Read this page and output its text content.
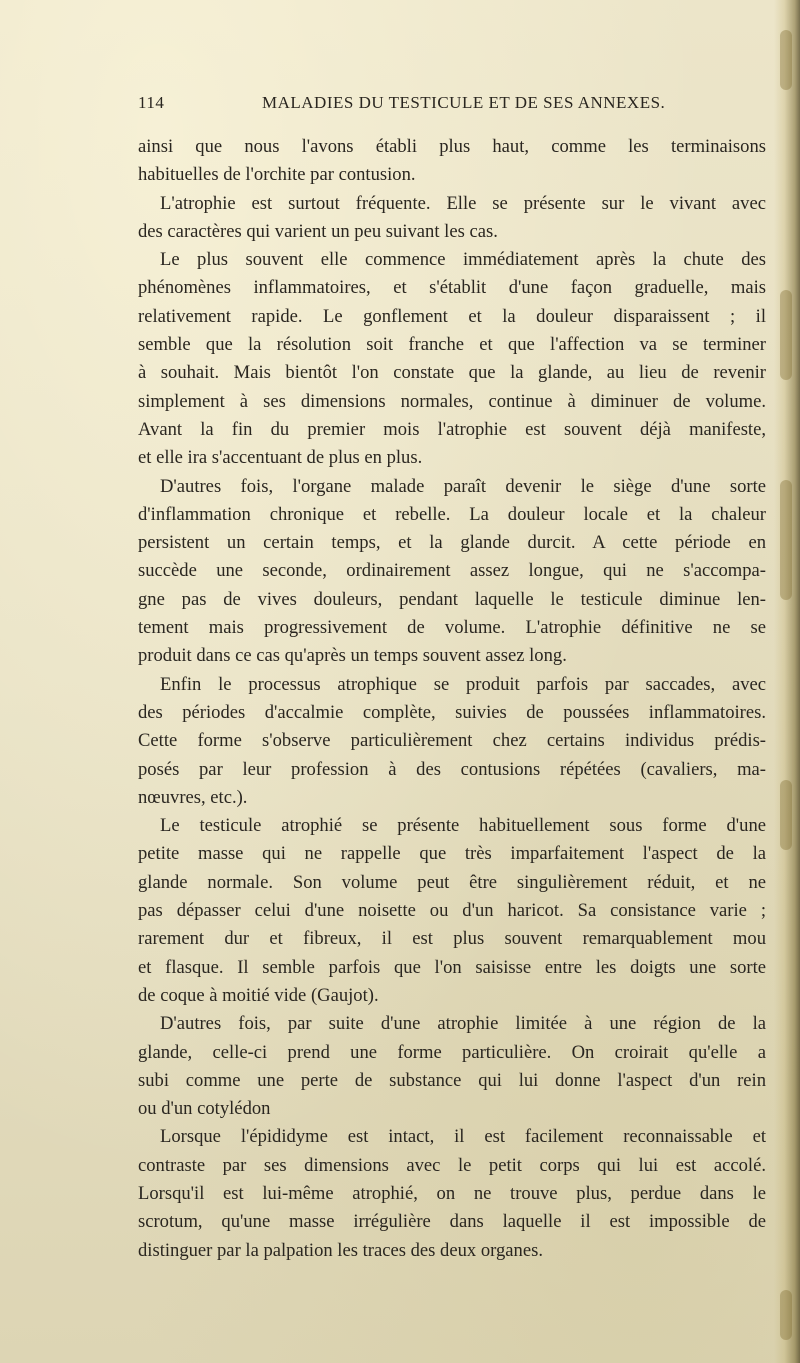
114	MALADIES DU TESTICULE ET DE SES ANNEXES.
ainsi que nous l'avons établi plus haut, comme les terminaisons
habituelles de l'orchite par contusion.
L'atrophie est surtout fréquente. Elle se présente sur le vivant avec
des caractères qui varient un peu suivant les cas.
Le plus souvent elle commence immédiatement après la chute des
phénomènes inflammatoires, et s'établit d'une façon graduelle, mais
relativement rapide. Le gonflement et la douleur disparaissent ; il
semble que la résolution soit franche et que l'affection va se terminer
à souhait. Mais bientôt l'on constate que la glande, au lieu de revenir
simplement à ses dimensions normales, continue à diminuer de volume.
Avant la fin du premier mois l'atrophie est souvent déjà manifeste,
et elle ira s'accentuant de plus en plus.
D'autres fois, l'organe malade paraît devenir le siège d'une sorte
d'inflammation chronique et rebelle. La douleur locale et la chaleur
persistent un certain temps, et la glande durcit. A cette période en
succède une seconde, ordinairement assez longue, qui ne s'accompa-
gne pas de vives douleurs, pendant laquelle le testicule diminue len-
tement mais progressivement de volume. L'atrophie définitive ne se
produit dans ce cas qu'après un temps souvent assez long.
Enfin le processus atrophique se produit parfois par saccades, avec
des périodes d'accalmie complète, suivies de poussées inflammatoires.
Cette forme s'observe particulièrement chez certains individus prédis-
posés par leur profession à des contusions répétées (cavaliers, ma-
nœuvres, etc.).
Le testicule atrophié se présente habituellement sous forme d'une
petite masse qui ne rappelle que très imparfaitement l'aspect de la
glande normale. Son volume peut être singulièrement réduit, et ne
pas dépasser celui d'une noisette ou d'un haricot. Sa consistance varie ;
rarement dur et fibreux, il est plus souvent remarquablement mou
et flasque. Il semble parfois que l'on saisisse entre les doigts une sorte
de coque à moitié vide (Gaujot).
D'autres fois, par suite d'une atrophie limitée à une région de la
glande, celle-ci prend une forme particulière. On croirait qu'elle a
subi comme une perte de substance qui lui donne l'aspect d'un rein
ou d'un cotylédon
Lorsque l'épididyme est intact, il est facilement reconnaissable et
contraste par ses dimensions avec le petit corps qui lui est accolé.
Lorsqu'il est lui-même atrophié, on ne trouve plus, perdue dans le
scrotum, qu'une masse irrégulière dans laquelle il est impossible de
distinguer par la palpation les traces des deux organes.
